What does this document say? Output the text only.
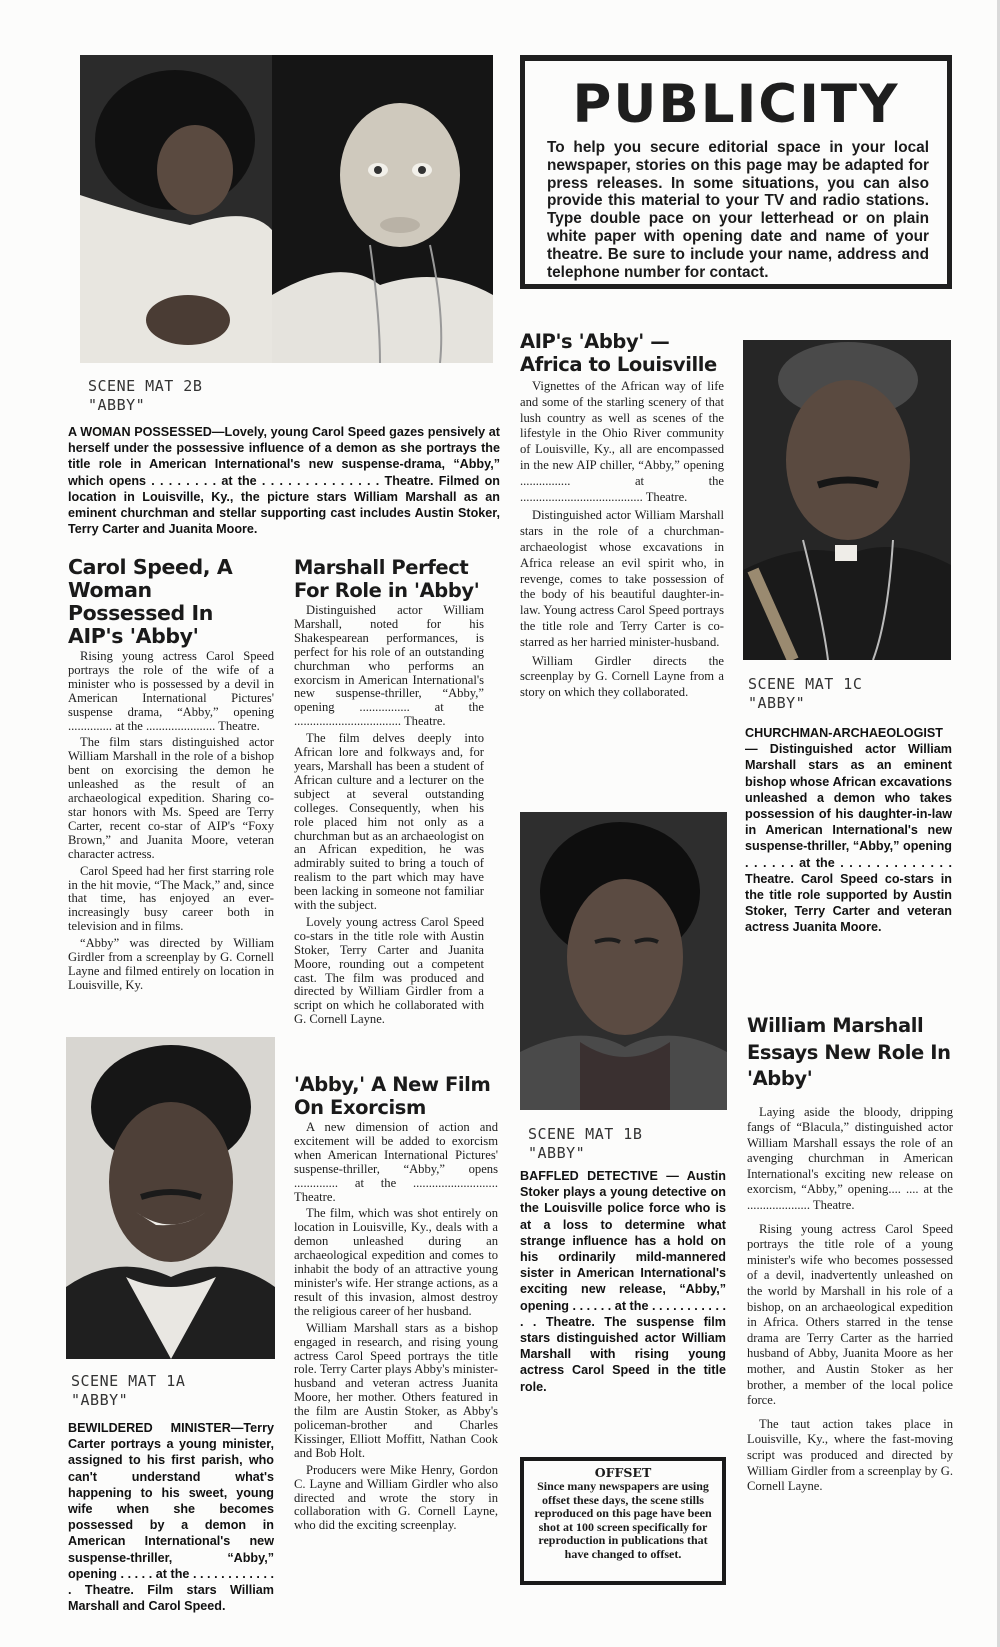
SCENE MAT 2B
"ABBY"
A WOMAN POSSESSED—Lovely, young Carol Speed gazes pensively at herself under the possessive influence of a demon as she portrays the title role in American International's new suspense-drama, “Abby,” which opens . . . . . . . . at the . . . . . . . . . . . . . . Theatre. Filmed on location in Louisville, Ky., the picture stars William Marshall as an eminent churchman and stellar supporting cast includes Austin Stoker, Terry Carter and Juanita Moore.
PUBLICITY
To help you secure editorial space in your local newspaper, stories on this page may be adapted for press releases. In some situations, you can also provide this material to your TV and radio stations. Type double pace on your letterhead or on plain white paper with opening date and name of your theatre. Be sure to include your name, address and telephone number for contact.
Carol Speed, A Woman Possessed In AIP's 'Abby'

Rising young actress Carol Speed portrays the role of the wife of a minister who is possessed by a devil in American International Pictures' suspense drama, “Abby,” opening .............. at the ...................... Theatre.

The film stars distinguished actor William Marshall in the role of a bishop bent on exorcising the demon he unleashed as the result of an archaeological expedition. Sharing co-star honors with Ms. Speed are Terry Carter, recent co-star of AIP's “Foxy Brown,” and Juanita Moore, veteran character actress.

Carol Speed had her first starring role in the hit movie, “The Mack,” and, since that time, has enjoyed an ever-increasingly busy career both in television and in films.

“Abby” was directed by William Girdler from a screenplay by G. Cornell Layne and filmed entirely on location in Louisville, Ky.

SCENE MAT 1A
"ABBY"
BEWILDERED MINISTER—Terry Carter portrays a young minister, assigned to his first parish, who can't understand what's happening to his sweet, young wife when she becomes possessed by a demon in American International's new suspense-thriller, “Abby,” opening . . . . . at the . . . . . . . . . . . . . Theatre. Film stars William Marshall and Carol Speed.
Marshall Perfect For Role in 'Abby'

Distinguished actor William Marshall, noted for his Shakespearean performances, is perfect for his role of an outstanding churchman who performs an exorcism in American International's new suspense-thriller, “Abby,” opening ................ at the .................................. Theatre.

The film delves deeply into African lore and folkways and, for years, Marshall has been a student of African culture and a lecturer on the subject at several outstanding colleges. Consequently, when his role placed him not only as a churchman but as an archaeologist on an African expedition, he was admirably suited to bring a touch of realism to the part which may have been lacking in someone not familiar with the subject.

Lovely young actress Carol Speed co-stars in the title role with Austin Stoker, Terry Carter and Juanita Moore, rounding out a competent cast. The film was produced and directed by William Girdler from a script on which he collaborated with G. Cornell Layne.

'Abby,' A New Film On Exorcism

A new dimension of action and excitement will be added to exorcism when American International Pictures' suspense-thriller, “Abby,” opens .............. at the ........................... Theatre.

The film, which was shot entirely on location in Louisville, Ky., deals with a demon unleashed during an archaeological expedition and comes to inhabit the body of an attractive young minister's wife. Her strange actions, as a result of this invasion, almost destroy the religious career of her husband.

William Marshall stars as a bishop engaged in research, and rising young actress Carol Speed portrays the title role. Terry Carter plays Abby's minister-husband and veteran actress Juanita Moore, her mother. Others featured in the film are Austin Stoker, as Abby's policeman-brother and Charles Kissinger, Elliott Moffitt, Nathan Cook and Bob Holt.

Producers were Mike Henry, Gordon C. Layne and William Girdler who also directed and wrote the story in collaboration with G. Cornell Layne, who did the exciting screenplay.

AIP's 'Abby' — Africa to Louisville

Vignettes of the African way of life and some of the starling scenery of that lush country as well as scenes of the lifestyle in the Ohio River community of Louisville, Ky., all are encompassed in the new AIP chiller, “Abby,” opening ................ at the ....................................... Theatre.

Distinguished actor William Marshall stars in the role of a churchman-archaeologist whose excavations in Africa release an evil spirit who, in revenge, comes to take possession of the body of his beautiful daughter-in-law. Young actress Carol Speed portrays the title role and Terry Carter is co-starred as her harried minister-husband.

William Girdler directs the screenplay by G. Cornell Layne from a story on which they collaborated.

SCENE MAT 1B
"ABBY"
BAFFLED DETECTIVE — Austin Stoker plays a young detective on the Louisville police force who is at a loss to determine what strange influence has a hold on his ordinarily mild-mannered sister in American International's exciting new release, “Abby,” opening . . . . . . at the . . . . . . . . . . . . . Theatre. The suspense film stars distinguished actor William Marshall with rising young actress Carol Speed in the title role.
OFFSET
Since many newspapers are using offset these days, the scene stills reproduced on this page have been shot at 100 screen specifically for reproduction in publications that have changed to offset.
SCENE MAT 1C
"ABBY"
CHURCHMAN-ARCHAEOLOGIST — Distinguished actor William Marshall stars as an eminent bishop whose African excavations unleashed a demon who takes possession of his daughter-in-law in American International's new suspense-thriller, “Abby,” opening . . . . . . at the . . . . . . . . . . . . . Theatre. Carol Speed co-stars in the title role supported by Austin Stoker, Terry Carter and veteran actress Juanita Moore.
William Marshall Essays New Role In 'Abby'

Laying aside the bloody, dripping fangs of “Blacula,” distinguished actor William Marshall essays the role of an avenging churchman in American International's exciting new release on exorcism, “Abby,” opening.... .... at the .................... Theatre.

Rising young actress Carol Speed portrays the title role of a young minister's wife who becomes possessed of a devil, inadvertently unleashed on the world by Marshall in his role of a bishop, on an archaeological expedition in Africa. Others starred in the tense drama are Terry Carter as the harried husband of Abby, Juanita Moore as her mother, and Austin Stoker as her brother, a member of the local police force.

The taut action takes place in Louisville, Ky., where the fast-moving script was produced and directed by William Girdler from a screenplay by G. Cornell Layne.
